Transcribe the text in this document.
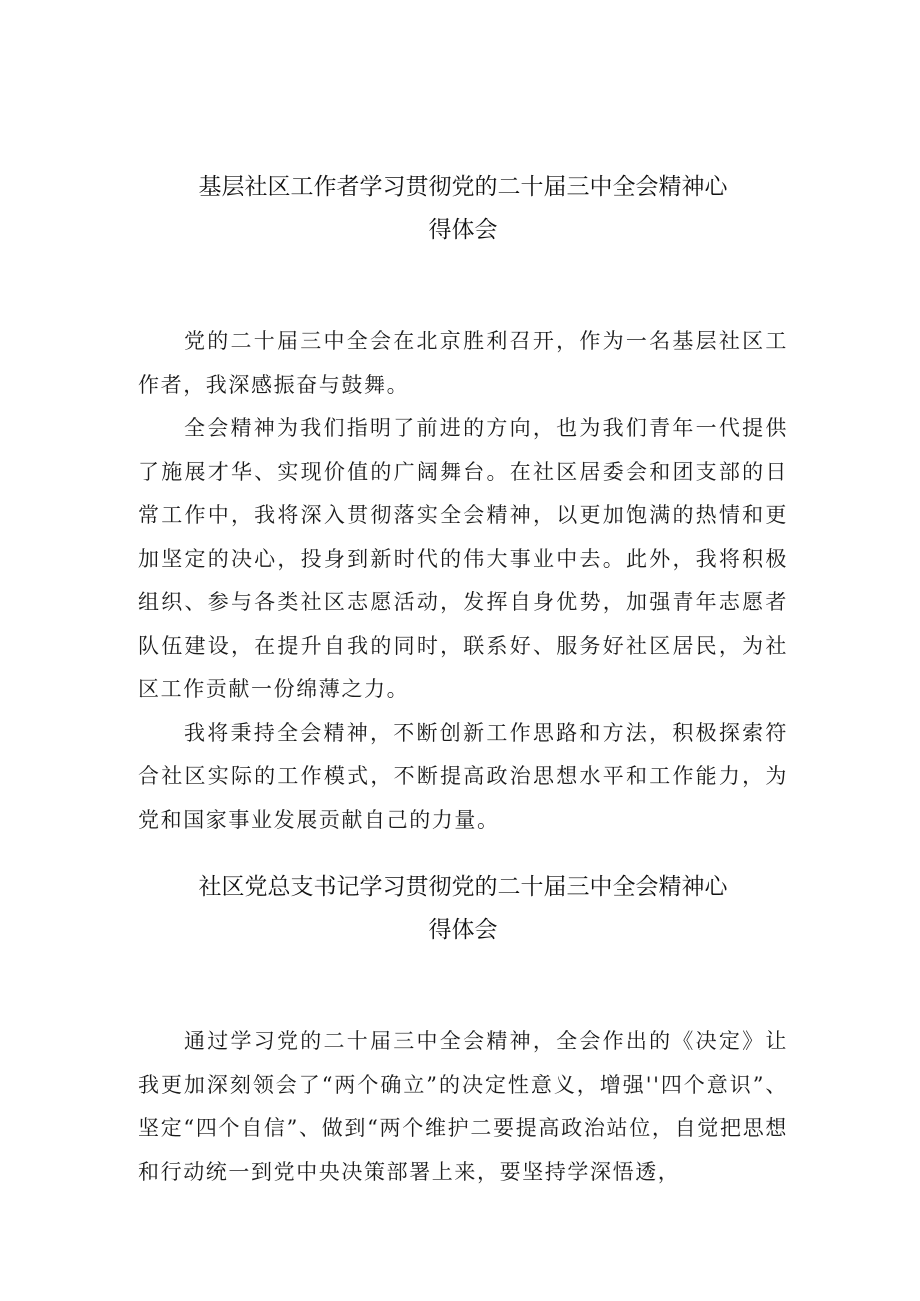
基层社区工作者学习贯彻党的二十届三中全会精神心
得体会

党的二十届三中全会在北京胜利召开，作为一名基层社区工作者，我深感振奋与鼓舞。

全会精神为我们指明了前进的方向，也为我们青年一代提供了施展才华、实现价值的广阔舞台。在社区居委会和团支部的日常工作中，我将深入贯彻落实全会精神，以更加饱满的热情和更加坚定的决心，投身到新时代的伟大事业中去。此外，我将积极组织、参与各类社区志愿活动，发挥自身优势，加强青年志愿者队伍建设，在提升自我的同时，联系好、服务好社区居民，为社区工作贡献一份绵薄之力。

我将秉持全会精神，不断创新工作思路和方法，积极探索符合社区实际的工作模式，不断提高政治思想水平和工作能力，为党和国家事业发展贡献自己的力量。

社区党总支书记学习贯彻党的二十届三中全会精神心
得体会

通过学习党的二十届三中全会精神，全会作出的《决定》让我更加深刻领会了“两个确立”的决定性意义，增强''四个意识”、坚定“四个自信”、做到“两个维护二要提高政治站位，自觉把思想和行动统一到党中央决策部署上来，要坚持学深悟透，
